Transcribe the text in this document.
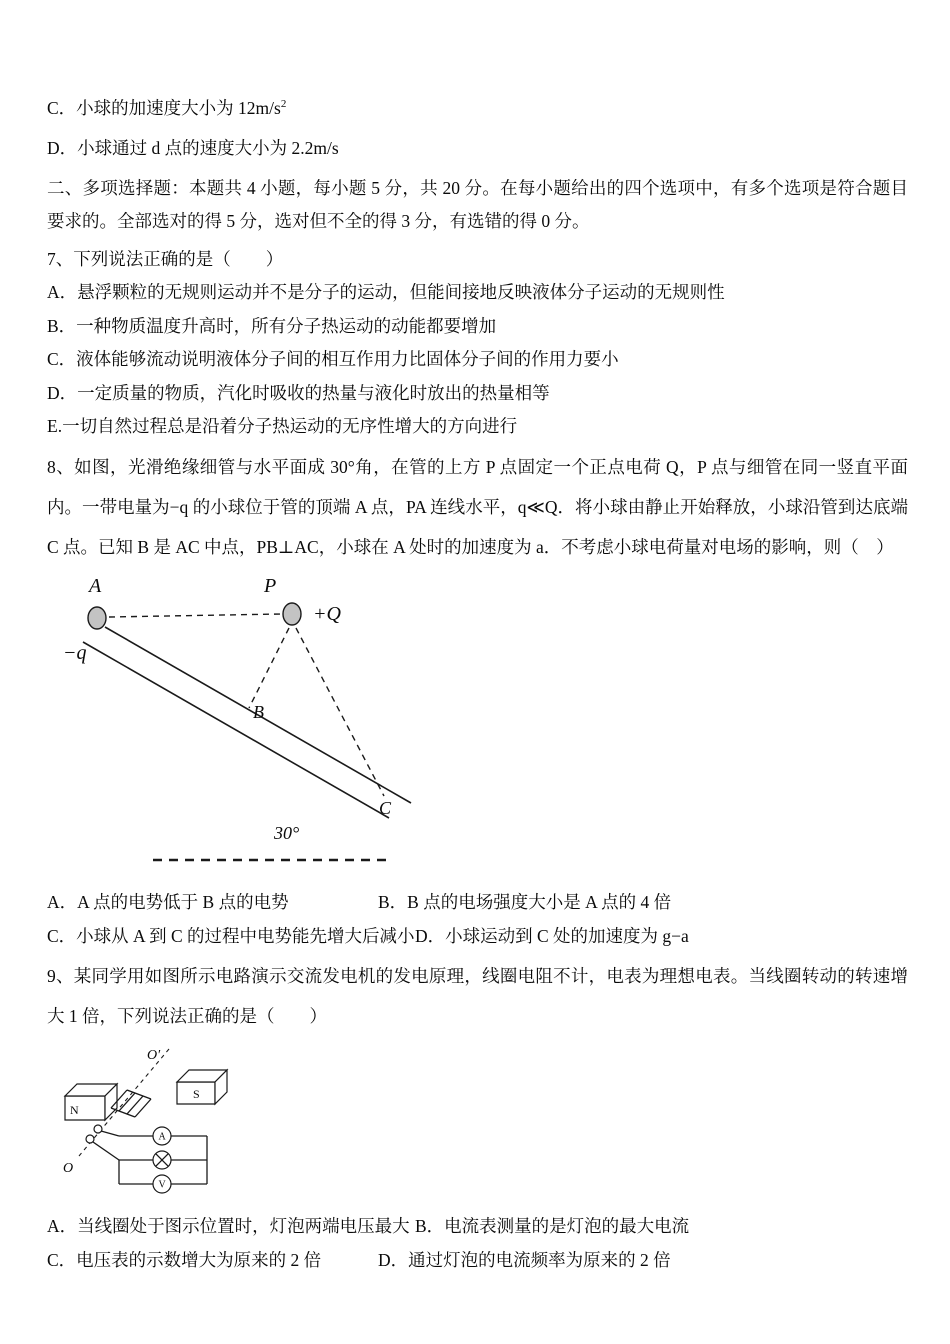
C．小球的加速度大小为 $12m/s^2$
D．小球通过 d 点的速度大小为 2.2m/s

二、多项选择题：本题共 4 小题，每小题 5 分，共 20 分。在每小题给出的四个选项中，有多个选项是符合题目要求的。全部选对的得 5 分，选对但不全的得 3 分，有选错的得 0 分。

7、下列说法正确的是（　　）
A．悬浮颗粒的无规则运动并不是分子的运动，但能间接地反映液体分子运动的无规则性
B．一种物质温度升高时，所有分子热运动的动能都要增加
C．液体能够流动说明液体分子间的相互作用力比固体分子间的作用力要小
D．一定质量的物质，汽化时吸收的热量与液化时放出的热量相等
E.一切自然过程总是沿着分子热运动的无序性增大的方向进行

8、如图，光滑绝缘细管与水平面成 30°角，在管的上方 P 点固定一个正点电荷 Q，P 点与细管在同一竖直平面内。一带电量为−q 的小球位于管的顶端 A 点，PA 连线水平，q≪Q．将小球由静止开始释放，小球沿管到达底端 C 点。已知 B 是 AC 中点，PB⊥AC，小球在 A 处时的加速度为 a．不考虑小球电荷量对电场的影响，则（　）

A	P
+Q
−q
B
C
30°
A．A 点的电势低于 B 点的电势	B．B 点的电场强度大小是 A 点的 4 倍
C．小球从 A 到 C 的过程中电势能先增大后减小 D．小球运动到 C 处的加速度为 g−a

9、某同学用如图所示电路演示交流发电机的发电原理，线圈电阻不计，电表为理想电表。当线圈转动的转速增大 1 倍，下列说法正确的是（　　）

O′
O
N
S
A
V
A．当线圈处于图示位置时，灯泡两端电压最大 B．电流表测量的是灯泡的最大电流
C．电压表的示数增大为原来的 2 倍	D．通过灯泡的电流频率为原来的 2 倍
